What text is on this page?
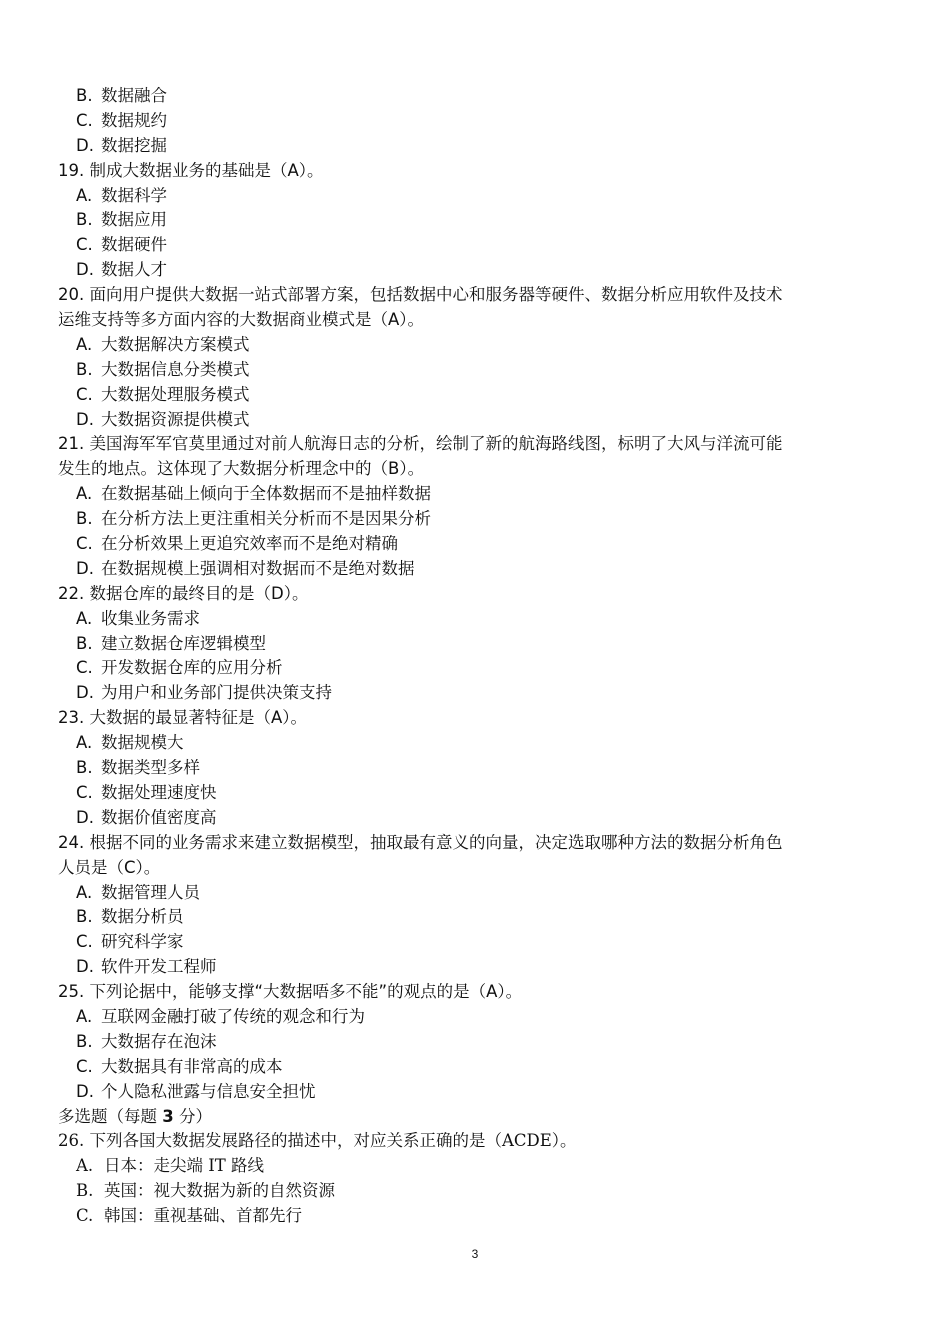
B. 数据融合
C. 数据规约
D. 数据挖掘
19. 制成大数据业务的基础是（A）。
A. 数据科学
B. 数据应用
C. 数据硬件
D. 数据人才
20. 面向用户提供大数据一站式部署方案，包括数据中心和服务器等硬件、数据分析应用软件及技术
运维支持等多方面内容的大数据商业模式是（A）。
A. 大数据解决方案模式
B. 大数据信息分类模式
C. 大数据处理服务模式
D. 大数据资源提供模式
21. 美国海军军官莫里通过对前人航海日志的分析，绘制了新的航海路线图，标明了大风与洋流可能
发生的地点。这体现了大数据分析理念中的（B）。
A. 在数据基础上倾向于全体数据而不是抽样数据
B. 在分析方法上更注重相关分析而不是因果分析
C. 在分析效果上更追究效率而不是绝对精确
D. 在数据规模上强调相对数据而不是绝对数据
22. 数据仓库的最终目的是（D）。
A. 收集业务需求
B. 建立数据仓库逻辑模型
C. 开发数据仓库的应用分析
D. 为用户和业务部门提供决策支持
23. 大数据的最显著特征是（A）。
A. 数据规模大
B. 数据类型多样
C. 数据处理速度快
D. 数据价值密度高
24. 根据不同的业务需求来建立数据模型，抽取最有意义的向量，决定选取哪种方法的数据分析角色
人员是（C）。
A. 数据管理人员
B. 数据分析员
C. 研究科学家
D. 软件开发工程师
25. 下列论据中，能够支撑“大数据唔多不能”的观点的是（A）。
A. 互联网金融打破了传统的观念和行为
B. 大数据存在泡沫
C. 大数据具有非常高的成本
D. 个人隐私泄露与信息安全担忧
多选题（每题 3 分）
26. 下列各国大数据发展路径的描述中，对应关系正确的是（ACDE）。
A. 日本：走尖端 IT 路线
B. 英国：视大数据为新的自然资源
C. 韩国：重视基础、首都先行
3
